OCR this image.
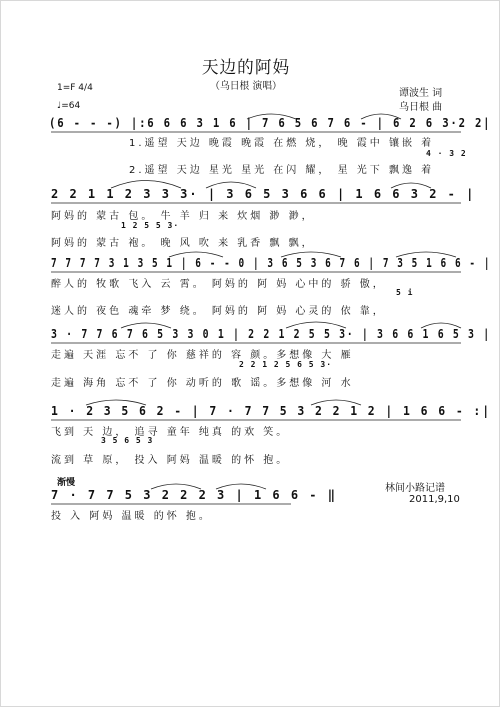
天边的阿妈
（乌日根 演唱）
谭波生 词
乌日根 曲
1=F 4/4
♩=64
(6 - - -) |:6 6 6 3 1 6 | 7 6 5 6 7 6 - | 6 2 6 3·2 2|
1.遥望 天边 晚霞 晚霞 在燃 烧， 晚 霞中 镶嵌 着
4 · 3 2
2.遥望 天边 星光 星光 在闪 耀， 星 光下 飘逸 着
2 2 1 1 2 3 3 3· | 3 6 5 3 6 6 | 1 6 6 3 2 - |
阿妈的 蒙古 包。 牛 羊 归 来 炊烟 渺 渺，
1 2 5 5 3·
阿妈的 蒙古 袍。 晚 风 吹 来 乳香 飘 飘，
7 7 7 7 3 1 3 5 1 | 6 - - 0 | 3 6 5 3 6 7 6 | 7 3 5 1 6 6 - |
醉人的 牧歌 飞入 云 霄。 阿妈的 阿 妈 心中的 骄 傲，
5 i
迷人的 夜色 魂牵 梦 绕。 阿妈的 阿 妈 心灵的 依 靠，
3 · 7 7 6 7 6 5 3 3 0 1 | 2 2 1 2 5 5 3· | 3 6 6 1 6 5 3 |
走遍 天涯 忘不 了 你 慈祥的 容 颜。多想像 大 雁
2 2 1 2 5 6 5 3·
走遍 海角 忘不 了 你 动听的 歌 谣。多想像 河 水
1 · 2 3 5 6 2 - | 7 · 7 7 5 3 2 2 1 2 | 1 6 6 - :|
飞到 天 边， 追寻 童年 纯真 的欢 笑。
3 5 6 5 3
流到 草 原， 投入 阿妈 温暖 的怀 抱。
渐慢
7 · 7 7 5 3 2 2 2 3 | 1 6 6 - ‖
投 入 阿妈 温暖 的怀 抱。
林间小路记谱
2011,9,10
